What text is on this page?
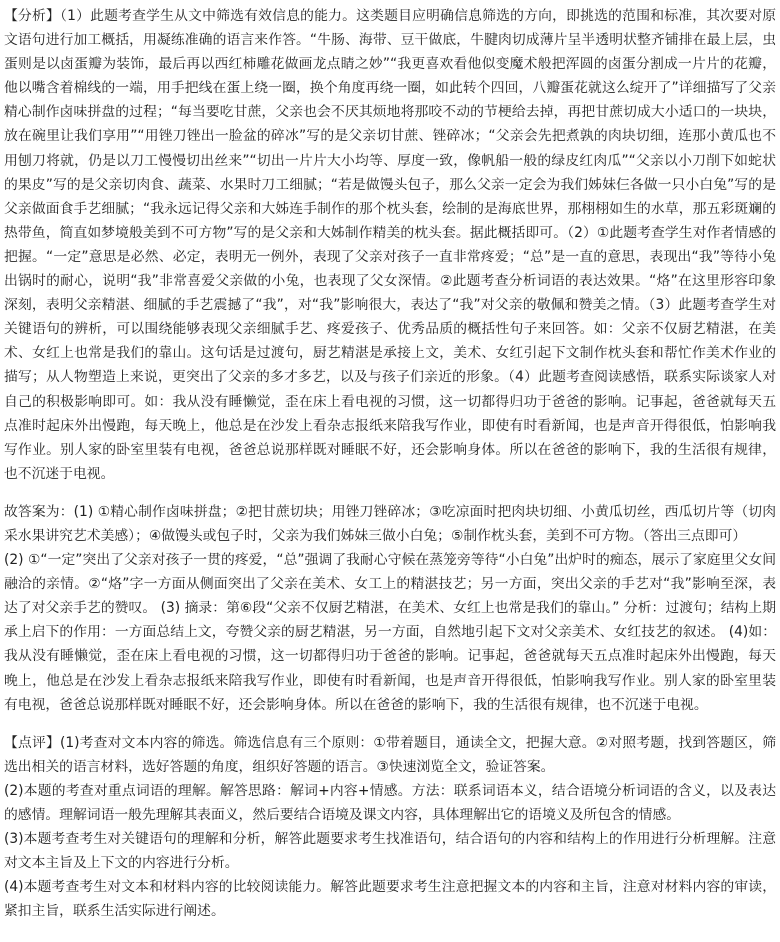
【分析】（1）此题考查学生从文中筛选有效信息的能力。这类题目应明确信息筛选的方向，即挑选的范围和标准，其次要对原文语句进行加工概括，用凝练准确的语言来作答。“牛肠、海带、豆干做底，牛腱肉切成薄片呈半透明状整齐铺排在最上层，虫蛋则是以卤蛋瓣为装饰，最后再以西红柿雕花做画龙点睛之妙”“我更喜欢看他似变魔术般把浑圆的卤蛋分割成一片片的花瓣，他以嘴含着棉线的一端，用手把线在蛋上绕一圈，换个角度再绕一圈，如此转个四回，八瓣蛋花就这么绽开了”详细描写了父亲精心制作卤味拼盘的过程；“每当要吃甘蔗，父亲也会不厌其烦地将那咬不动的节梗给去掉，再把甘蔗切成大小适口的一块块，放在碗里让我们享用”“用锉刀锉出一脸盆的碎冰”写的是父亲切甘蔗、锉碎冰；“父亲会先把煮孰的肉块切细，连那小黄瓜也不用刨刀将就，仍是以刀工慢慢切出丝来”“切出一片片大小均等、厚度一致，像帆船一般的绿皮红肉瓜”“父亲以小刀削下如蛇状的果皮”写的是父亲切肉食、蔬菜、水果时刀工细腻；“若是做馒头包子，那么父亲一定会为我们姊妹仨各做一只小白兔”写的是父亲做面食手艺细腻；“我永远记得父亲和大姊连手制作的那个枕头套，绘制的是海底世界，那栩栩如生的水草，那五彩斑斓的热带鱼，简直如梦境般美到不可方物”写的是父亲和大姊制作精美的枕头套。据此概括即可。（2）①此题考查学生对作者情感的把握。“一定”意思是必然、必定，表明无一例外，表现了父亲对孩子一直非常疼爱；“总”是一直的意思，表现出“我”等待小兔出锅时的耐心，说明“我”非常喜爱父亲做的小兔，也表现了父女深情。②此题考查分析词语的表达效果。“烙”在这里形容印象深刻，表明父亲精湛、细腻的手艺震撼了“我”，对“我”影响很大，表达了“我”对父亲的敬佩和赞美之情。（3）此题考查学生对关键语句的辨析，可以围绕能够表现父亲细腻手艺、疼爱孩子、优秀品质的概括性句子来回答。如：父亲不仅厨艺精湛，在美术、女红上也常是我们的靠山。这句话是过渡句，厨艺精湛是承接上文，美术、女红引起下文制作枕头套和帮忙作美术作业的描写；从人物塑造上来说，更突出了父亲的多才多艺，以及与孩子们亲近的形象。（4）此题考查阅读感悟，联系实际谈家人对自己的积极影响即可。如：我从没有睡懒觉，歪在床上看电视的习惯，这一切都得归功于爸爸的影响。记事起，爸爸就每天五点准时起床外出慢跑，每天晚上，他总是在沙发上看杂志报纸来陪我写作业，即使有时看新闻，也是声音开得很低，怕影响我写作业。别人家的卧室里装有电视，爸爸总说那样既对睡眠不好，还会影响身体。所以在爸爸的影响下，我的生活很有规律，也不沉迷于电视。

故答案为：(1) ①精心制作卤味拼盘；②把甘蔗切块；用锉刀锉碎冰；③吃凉面时把肉块切细、小黄瓜切丝，西瓜切片等（切肉采水果讲究艺术美感）；④做馒头或包子时，父亲为我们姊妹三做小白兔；⑤制作枕头套，美到不可方物。（答出三点即可）
(2) ①“一定”突出了父亲对孩子一贯的疼爱，“总”强调了我耐心守候在蒸笼旁等待“小白兔”出炉时的痴态，展示了家庭里父女间融洽的亲情。②“烙”字一方面从侧面突出了父亲在美术、女工上的精湛技艺；另一方面，突出父亲的手艺对“我”影响至深，表达了对父亲手艺的赞叹。 (3) 摘录：第⑥段“父亲不仅厨艺精湛，在美术、女红上也常是我们的靠山。” 分析：过渡句；结构上期承上启下的作用：一方面总结上文，夸赞父亲的厨艺精湛，另一方面，自然地引起下文对父亲美术、女红技艺的叙述。 (4)如：我从没有睡懒觉，歪在床上看电视的习惯，这一切都得归功于爸爸的影响。记事起，爸爸就每天五点准时起床外出慢跑，每天晚上，他总是在沙发上看杂志报纸来陪我写作业，即使有时看新闻，也是声音开得很低，怕影响我写作业。别人家的卧室里装有电视，爸爸总说那样既对睡眠不好，还会影响身体。所以在爸爸的影响下，我的生活很有规律，也不沉迷于电视。

【点评】(1)考查对文本内容的筛选。筛选信息有三个原则：①带着题目，通读全文，把握大意。②对照考题，找到答题区，筛选出相关的语言材料，选好答题的角度，组织好答题的语言。③快速浏览全文，验证答案。

(2)本题的考查对重点词语的理解。解答思路：解词+内容+情感。方法：联系词语本义，结合语境分析词语的含义，以及表达的感情。理解词语一般先理解其表面义，然后要结合语境及课文内容，具体理解出它的语境义及所包含的情感。

(3)本题考查考生对关键语句的理解和分析，解答此题要求考生找准语句，结合语句的内容和结构上的作用进行分析理解。注意对文本主旨及上下文的内容进行分析。

(4)本题考查考生对文本和材料内容的比较阅读能力。解答此题要求考生注意把握文本的内容和主旨，注意对材料内容的审读，紧扣主旨，联系生活实际进行阐述。
